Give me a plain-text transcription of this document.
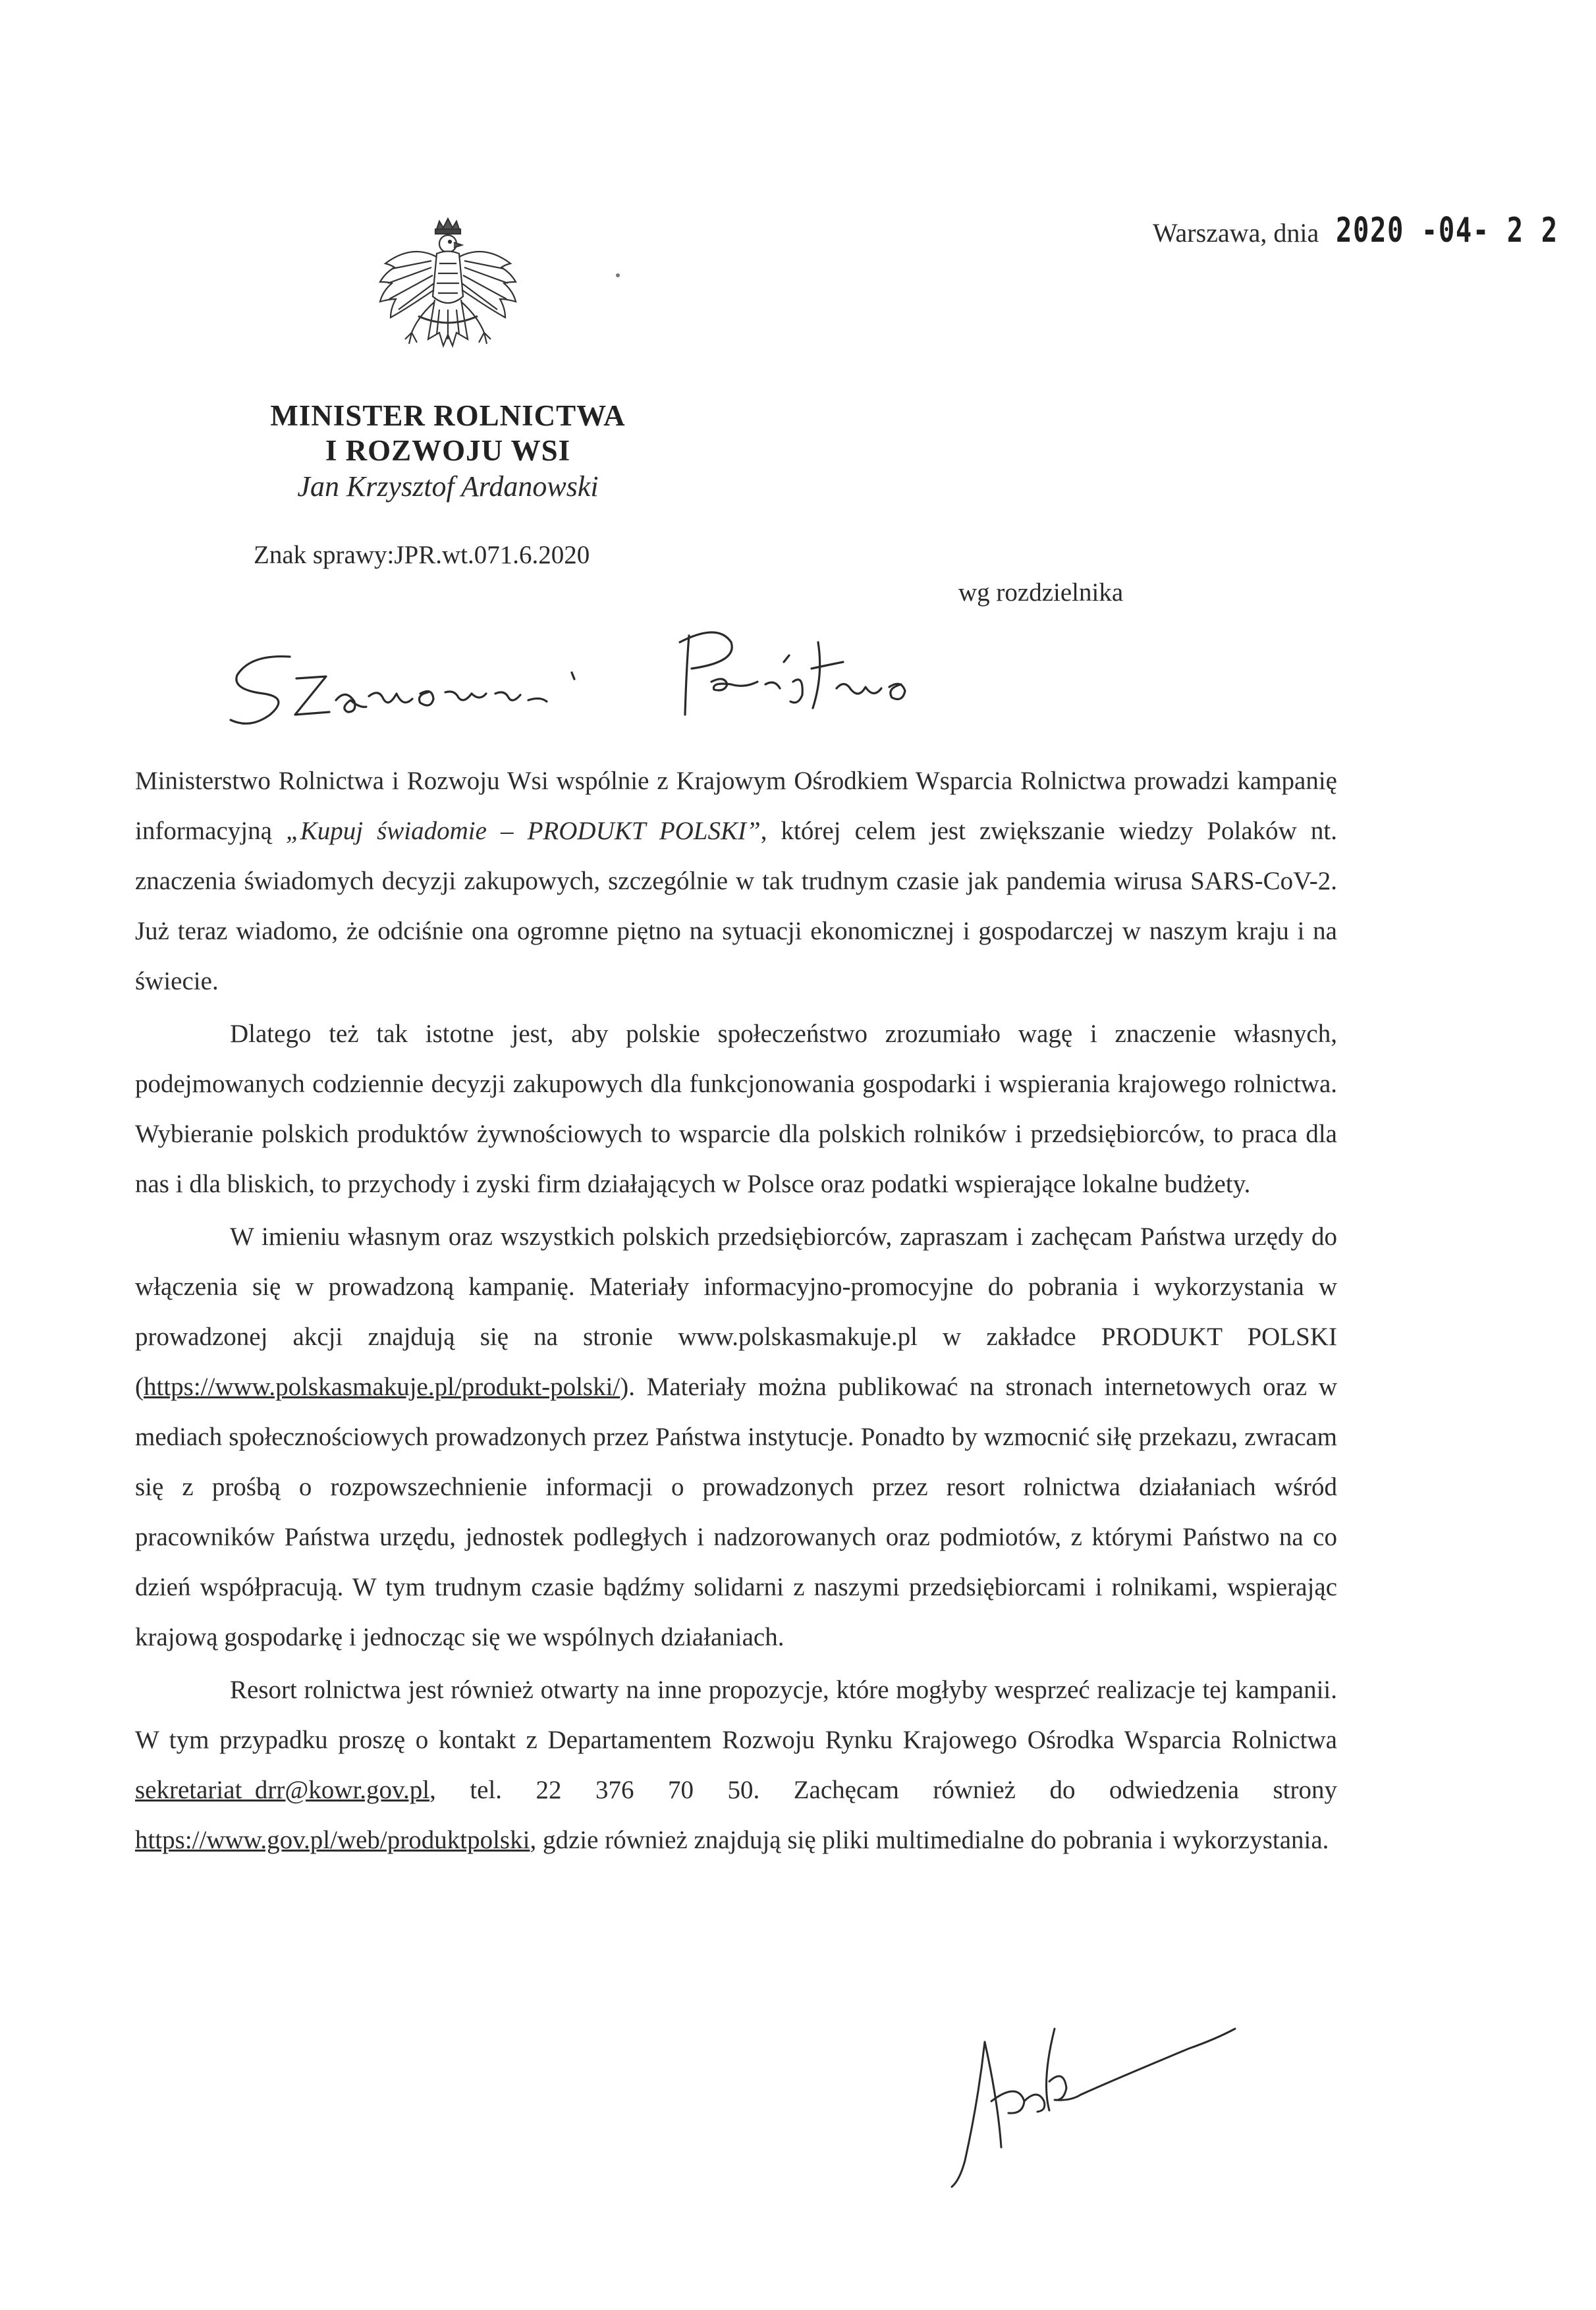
Warszawa, dnia 2020 -04- 2 2
MINISTER ROLNICTWA
I ROZWOJU WSI
Jan Krzysztof Ardanowski
Znak sprawy:JPR.wt.071.6.2020
wg rozdzielnika

Ministerstwo Rolnictwa i Rozwoju Wsi wspólnie z Krajowym Ośrodkiem Wsparcia Rolnictwa prowadzi kampanię informacyjną „Kupuj świadomie – PRODUKT POLSKI”, której celem jest zwiększanie wiedzy Polaków nt. znaczenia świadomych decyzji zakupowych, szczególnie w tak trudnym czasie jak pandemia wirusa SARS-CoV-2. Już teraz wiadomo, że odciśnie ona ogromne piętno na sytuacji ekonomicznej i gospodarczej w naszym kraju i na świecie.

Dlatego też tak istotne jest, aby polskie społeczeństwo zrozumiało wagę i znaczenie własnych, podejmowanych codziennie decyzji zakupowych dla funkcjonowania gospodarki i wspierania krajowego rolnictwa. Wybieranie polskich produktów żywnościowych to wsparcie dla polskich rolników i przedsiębiorców, to praca dla nas i dla bliskich, to przychody i zyski firm działających w Polsce oraz podatki wspierające lokalne budżety.

W imieniu własnym oraz wszystkich polskich przedsiębiorców, zapraszam i zachęcam Państwa urzędy do włączenia się w prowadzoną kampanię. Materiały informacyjno-promocyjne do pobrania i wykorzystania w prowadzonej akcji znajdują się na stronie www.polskasmakuje.pl w zakładce PRODUKT POLSKI (https://www.polskasmakuje.pl/produkt-polski/). Materiały można publikować na stronach internetowych oraz w mediach społecznościowych prowadzonych przez Państwa instytucje. Ponadto by wzmocnić siłę przekazu, zwracam się z prośbą o rozpowszechnienie informacji o prowadzonych przez resort rolnictwa działaniach wśród pracowników Państwa urzędu, jednostek podległych i nadzorowanych oraz podmiotów, z którymi Państwo na co dzień współpracują. W tym trudnym czasie bądźmy solidarni z naszymi przedsiębiorcami i rolnikami, wspierając krajową gospodarkę i jednocząc się we wspólnych działaniach.

Resort rolnictwa jest również otwarty na inne propozycje, które mogłyby wesprzeć realizacje tej kampanii. W tym przypadku proszę o kontakt z Departamentem Rozwoju Rynku Krajowego Ośrodka Wsparcia Rolnictwa sekretariat_drr@kowr.gov.pl, tel. 22 376 70 50. Zachęcam również do odwiedzenia strony https://www.gov.pl/web/produktpolski, gdzie również znajdują się pliki multimedialne do pobrania i wykorzystania.
